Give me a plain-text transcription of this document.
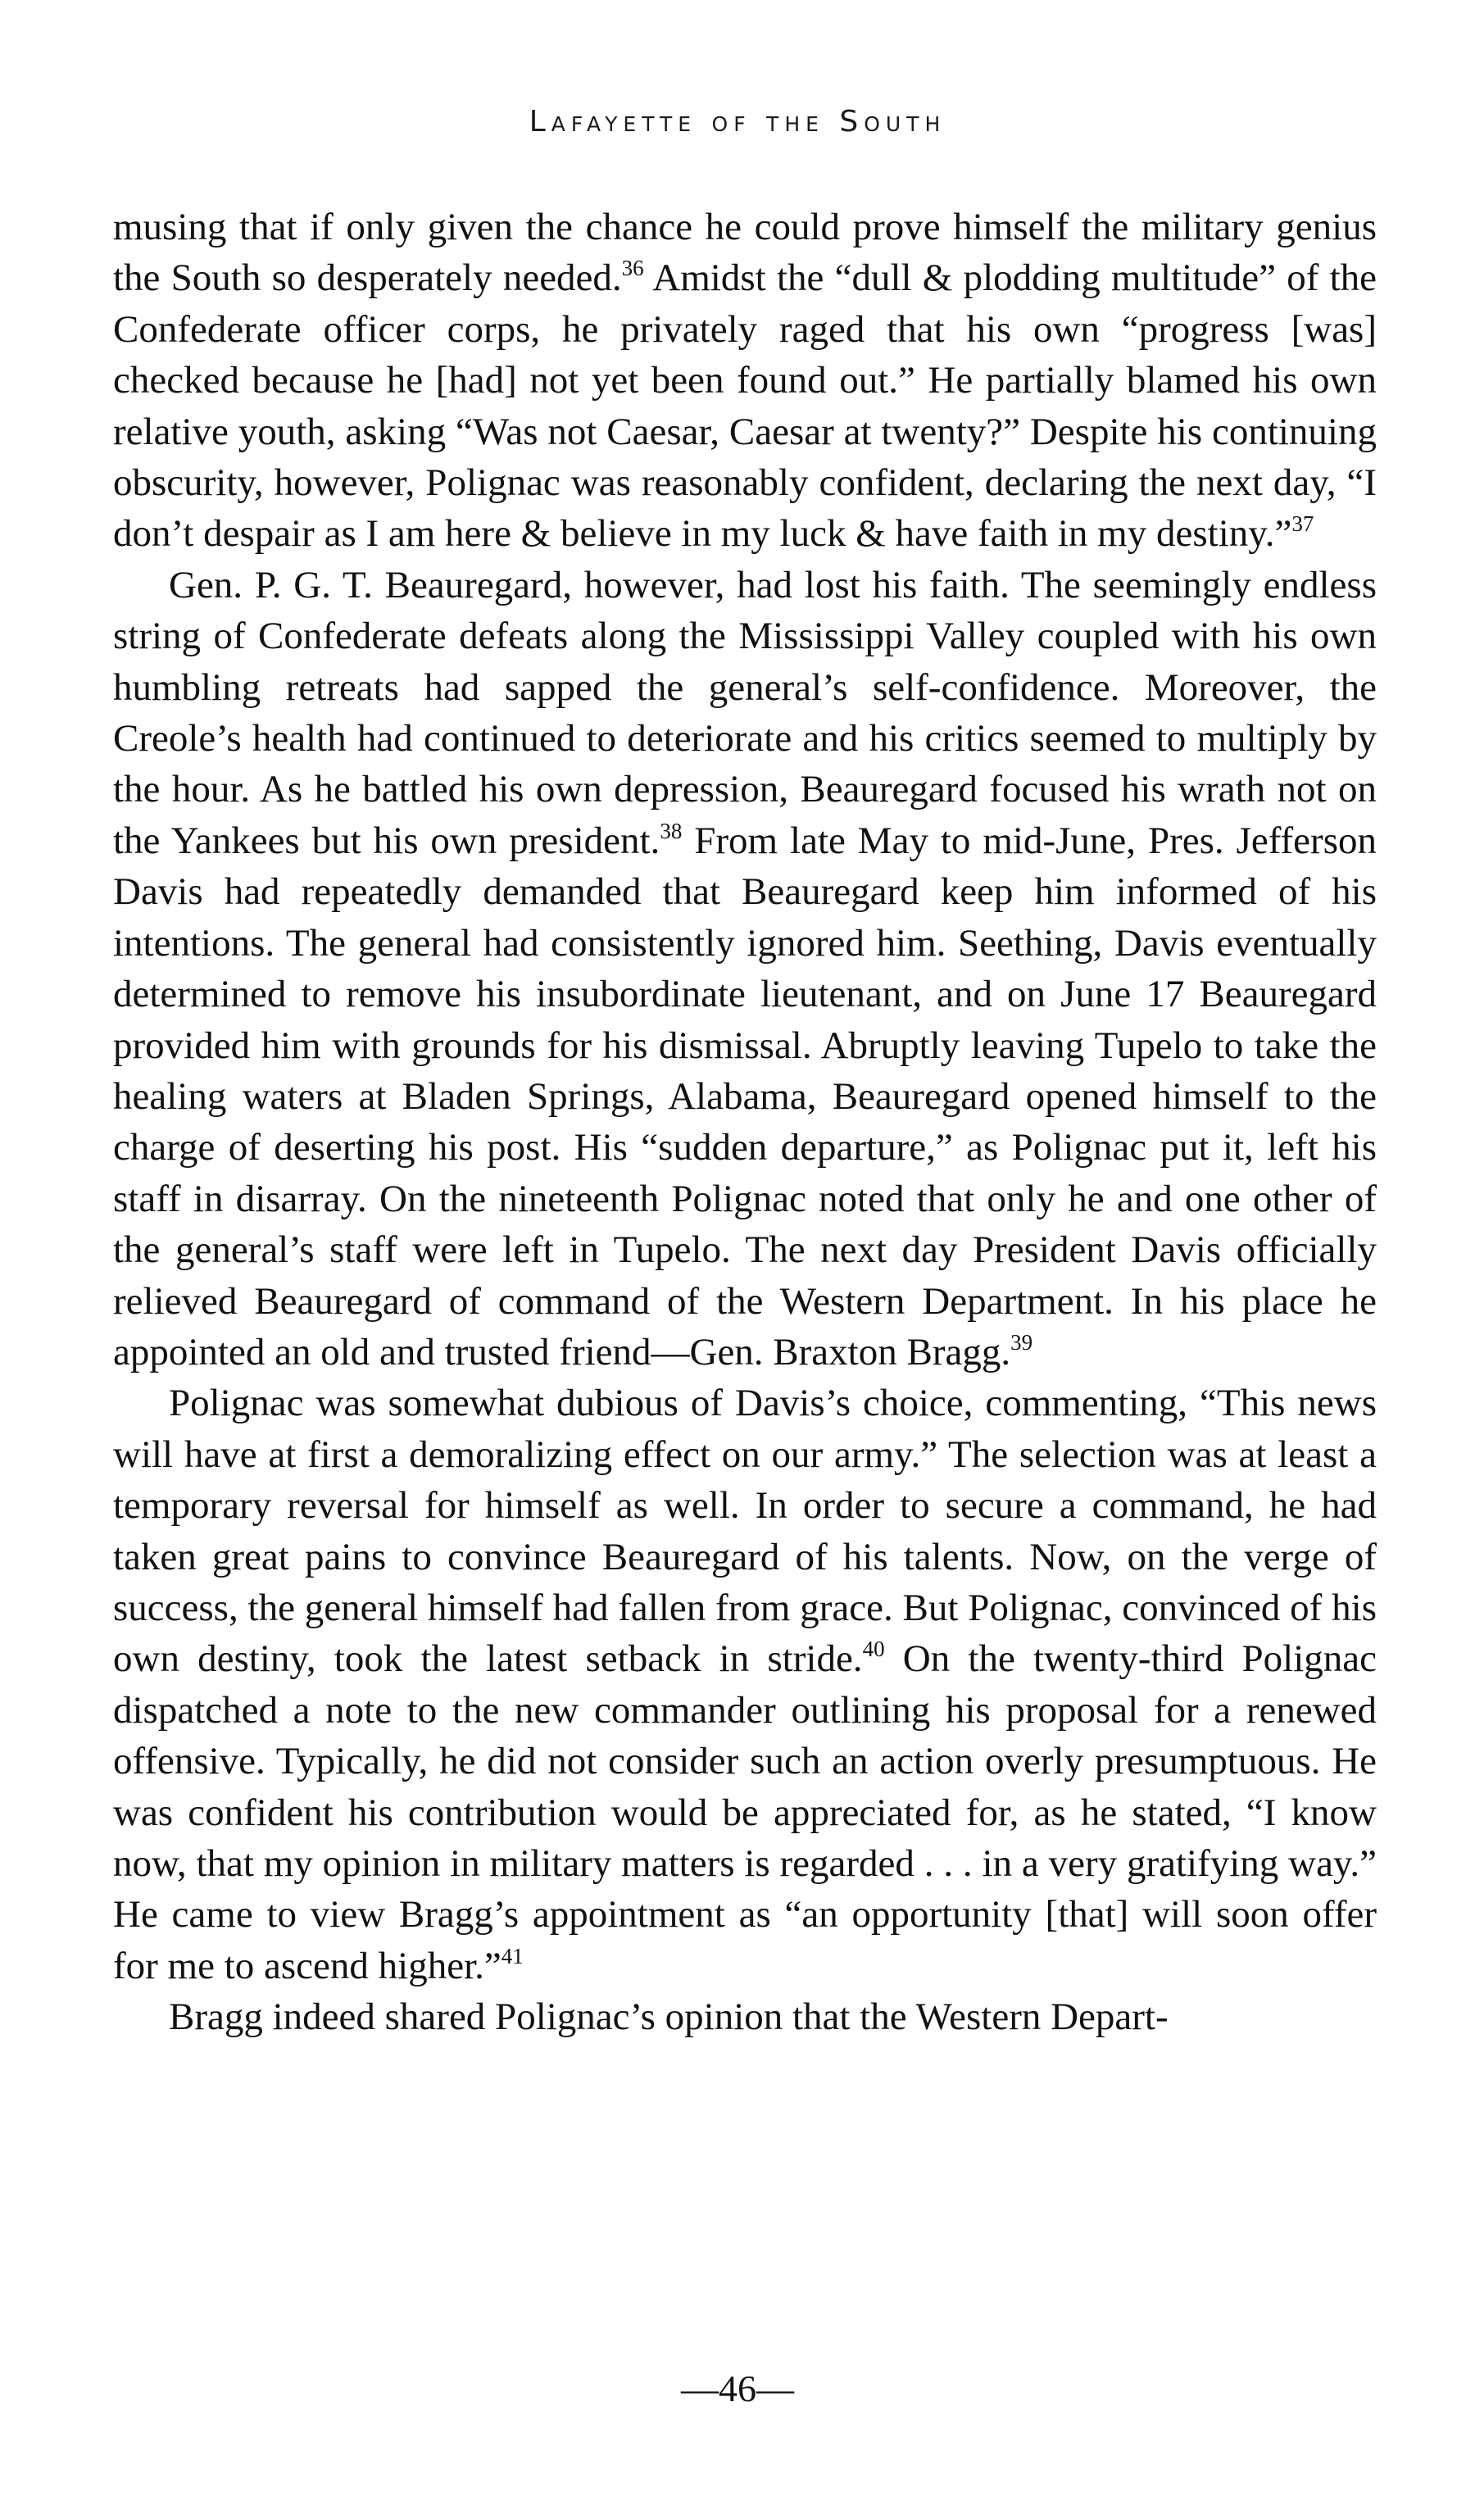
Lafayette of the South

musing that if only given the chance he could prove himself the military genius the South so desperately needed.$^{36}$ Amidst the “dull & plodding multitude” of the Confederate officer corps, he privately raged that his own “progress [was] checked because he [had] not yet been found out.” He partially blamed his own relative youth, asking “Was not Caesar, Caesar at twenty?” Despite his continuing obscurity, however, Polignac was reasonably confident, declaring the next day, “I don’t despair as I am here & believe in my luck & have faith in my destiny.”$^{37}$

Gen. P. G. T. Beauregard, however, had lost his faith. The seemingly endless string of Confederate defeats along the Mississippi Valley coupled with his own humbling retreats had sapped the general’s self-confidence. Moreover, the Creole’s health had continued to deteriorate and his critics seemed to multiply by the hour. As he battled his own depression, Beauregard focused his wrath not on the Yankees but his own president.$^{38}$ From late May to mid-June, Pres. Jefferson Davis had repeatedly demanded that Beauregard keep him informed of his intentions. The general had consistently ignored him. Seething, Davis eventually determined to remove his insubordinate lieutenant, and on June 17 Beauregard provided him with grounds for his dismissal. Abruptly leaving Tupelo to take the healing waters at Bladen Springs, Alabama, Beauregard opened himself to the charge of deserting his post. His “sudden departure,” as Polignac put it, left his staff in disarray. On the nineteenth Polignac noted that only he and one other of the general’s staff were left in Tupelo. The next day President Davis officially relieved Beauregard of command of the Western Department. In his place he appointed an old and trusted friend—Gen. Braxton Bragg.$^{39}$

Polignac was somewhat dubious of Davis’s choice, commenting, “This news will have at first a demoralizing effect on our army.” The selection was at least a temporary reversal for himself as well. In order to secure a command, he had taken great pains to convince Beauregard of his talents. Now, on the verge of success, the general himself had fallen from grace. But Polignac, convinced of his own destiny, took the latest setback in stride.$^{40}$ On the twenty-third Polignac dispatched a note to the new commander outlining his proposal for a renewed offensive. Typically, he did not consider such an action overly presumptuous. He was confident his contribution would be appreciated for, as he stated, “I know now, that my opinion in military matters is regarded . . . in a very gratifying way.” He came to view Bragg’s appointment as “an opportunity [that] will soon offer for me to ascend higher.”$^{41}$

Bragg indeed shared Polignac’s opinion that the Western Depart-

—46—
